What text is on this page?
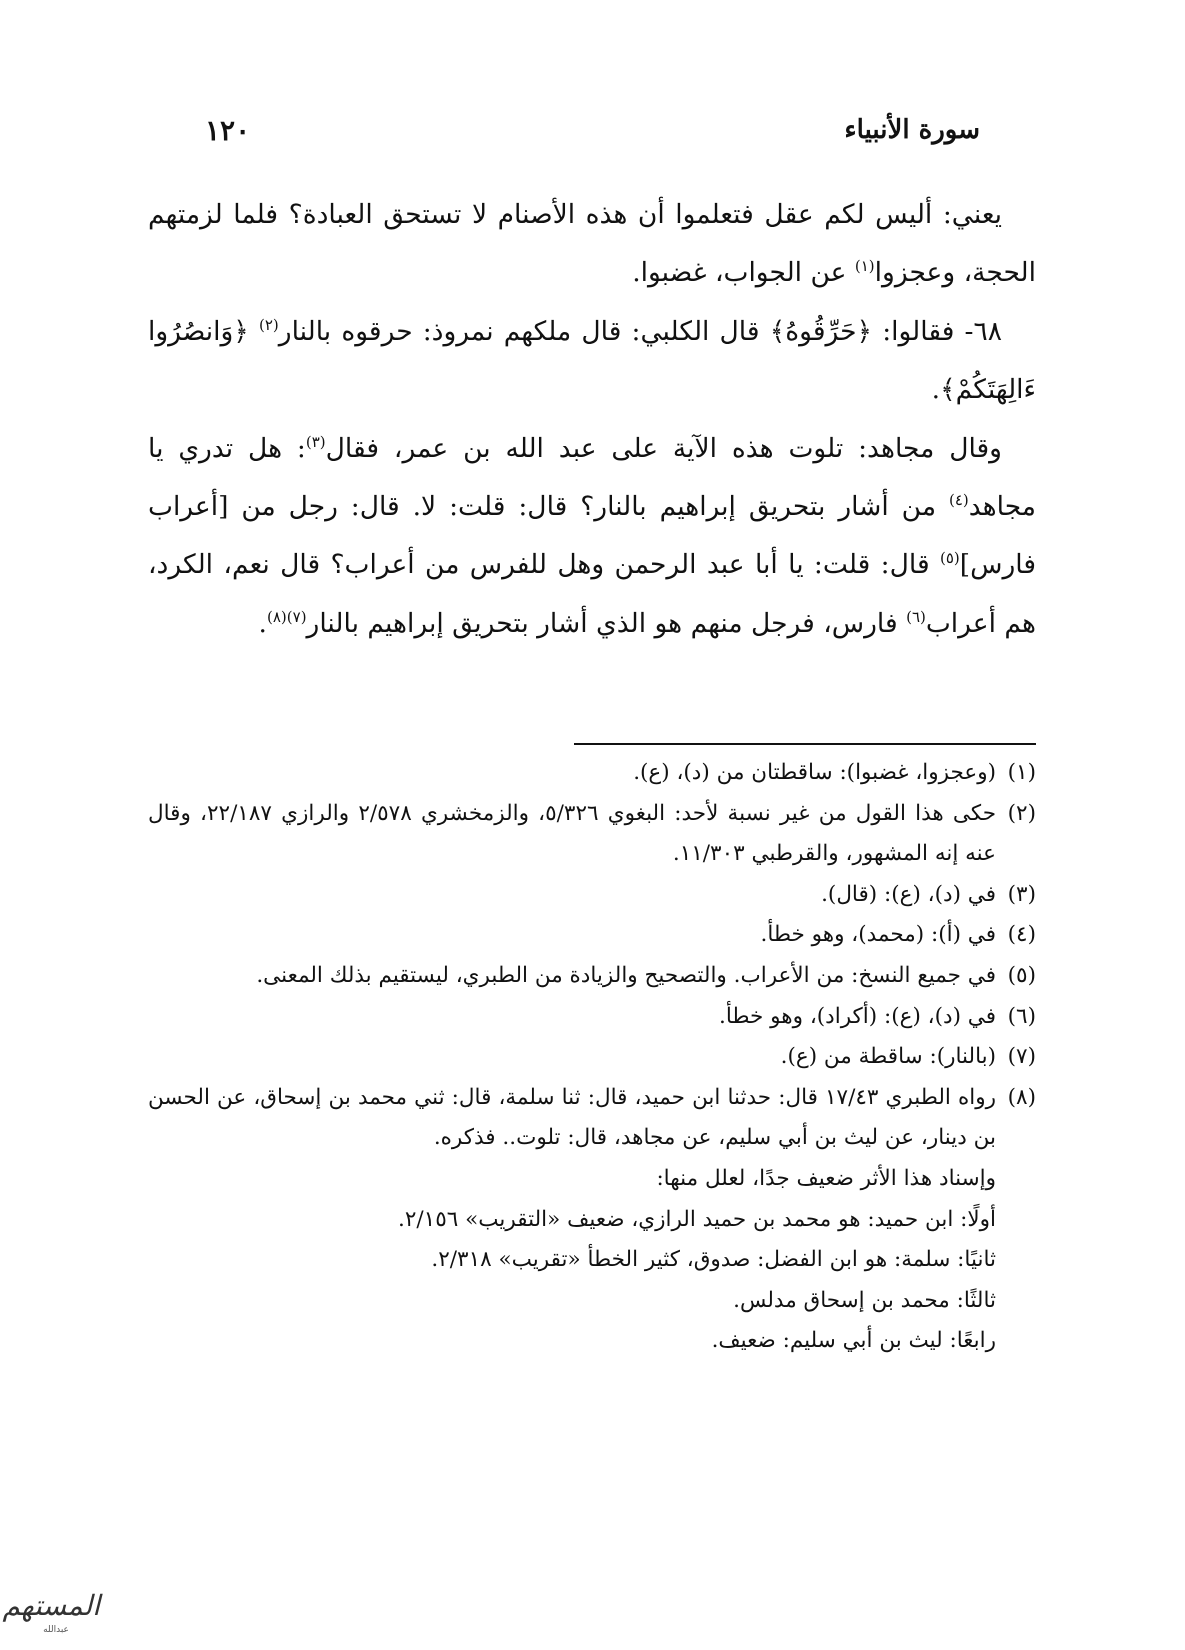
سورة الأنبياء
١٢٠

يعني: أليس لكم عقل فتعلموا أن هذه الأصنام لا تستحق العبادة؟ فلما لزمتهم الحجة، وعجزوا$^{(١)}$ عن الجواب، غضبوا.

٦٨- فقالوا: ﴿حَرِّقُوهُ﴾ قال الكلبي: قال ملكهم نمروذ: حرقوه بالنار$^{(٢)}$ ﴿وَانصُرُوا ءَالِهَتَكُمْ﴾.

وقال مجاهد: تلوت هذه الآية على عبد الله بن عمر، فقال$^{(٣)}$: هل تدري يا مجاهد$^{(٤)}$ من أشار بتحريق إبراهيم بالنار؟ قال: قلت: لا. قال: رجل من [أعراب فارس]$^{(٥)}$ قال: قلت: يا أبا عبد الرحمن وهل للفرس من أعراب؟ قال نعم، الكرد، هم أعراب$^{(٦)}$ فارس، فرجل منهم هو الذي أشار بتحريق إبراهيم بالنار$^{(٧)(٨)}$.

(١)
(وعجزوا، غضبوا): ساقطتان من (د)، (ع).
(٢)
حكى هذا القول من غير نسبة لأحد: البغوي ٥/٣٢٦، والزمخشري ٢/٥٧٨ والرازي ٢٢/١٨٧، وقال عنه إنه المشهور، والقرطبي ١١/٣٠٣.
(٣)
في (د)، (ع): (قال).
(٤)
في (أ): (محمد)، وهو خطأ.
(٥)
في جميع النسخ: من الأعراب. والتصحيح والزيادة من الطبري، ليستقيم بذلك المعنى.
(٦)
في (د)، (ع): (أكراد)، وهو خطأ.
(٧)
(بالنار): ساقطة من (ع).
(٨)
رواه الطبري ١٧/٤٣ قال: حدثنا ابن حميد، قال: ثنا سلمة، قال: ثني محمد بن إسحاق، عن الحسن بن دينار، عن ليث بن أبي سليم، عن مجاهد، قال: تلوت.. فذكره.
وإسناد هذا الأثر ضعيف جدًا، لعلل منها:
أولًا: ابن حميد: هو محمد بن حميد الرازي، ضعيف «التقريب» ٢/١٥٦.
ثانيًا: سلمة: هو ابن الفضل: صدوق، كثير الخطأ «تقريب» ٢/٣١٨.
ثالثًا: محمد بن إسحاق مدلس.
رابعًا: ليث بن أبي سليم: ضعيف.
المستهم
عبدالله
